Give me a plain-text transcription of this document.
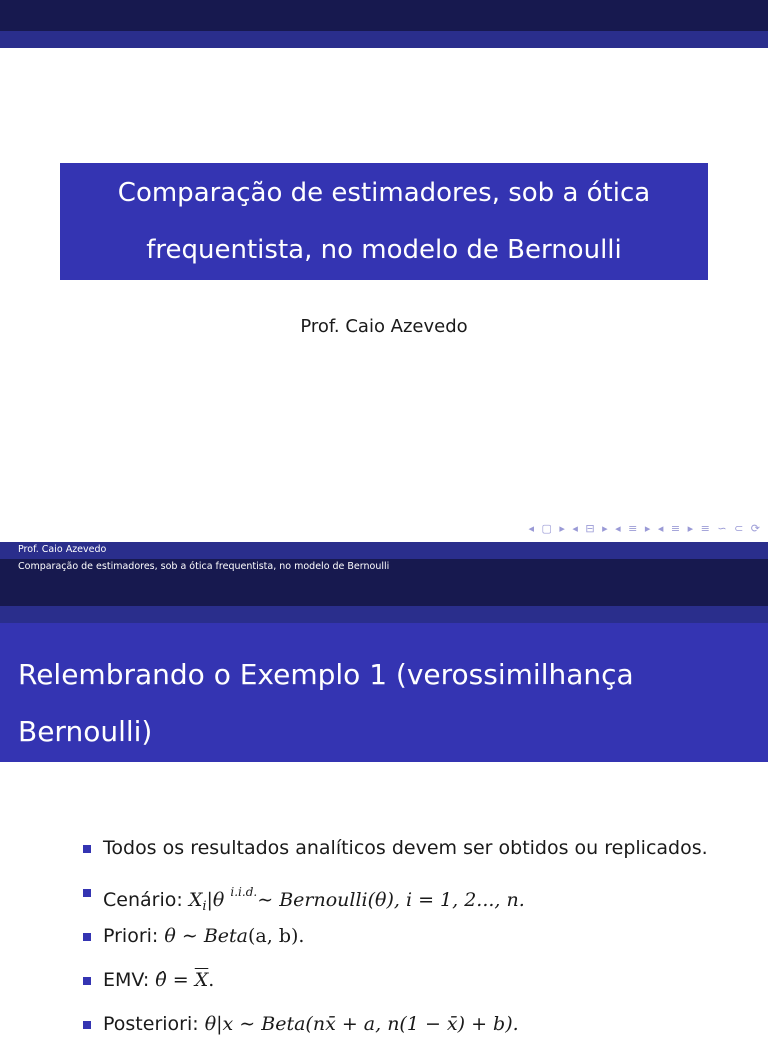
Comparação de estimadores, sob a ótica
frequentista, no modelo de Bernoulli
Prof. Caio Azevedo
◂ ▢ ▸ ◂ ⊟ ▸ ◂ ≡ ▸ ◂ ≡ ▸ ≡ ∽ ⊂ ⟳
Prof. Caio Azevedo
Comparação de estimadores, sob a ótica frequentista, no modelo de Bernoulli
Relembrando o Exemplo 1 (verossimilhança Bernoulli)
(aqui)
Todos os resultados analíticos devem ser obtidos ou replicados.
Cenário: $X_i|\theta$ $^{i.i.d.}$∼ Bernoulli(θ), i = 1, 2..., n.
Priori: θ ∼ Beta(a, b).
EMV: θ̂ = $\overline{X}$.
Posteriori: θ|x ∼ Beta(nx̄ + a, n(1 − x̄) + b).
